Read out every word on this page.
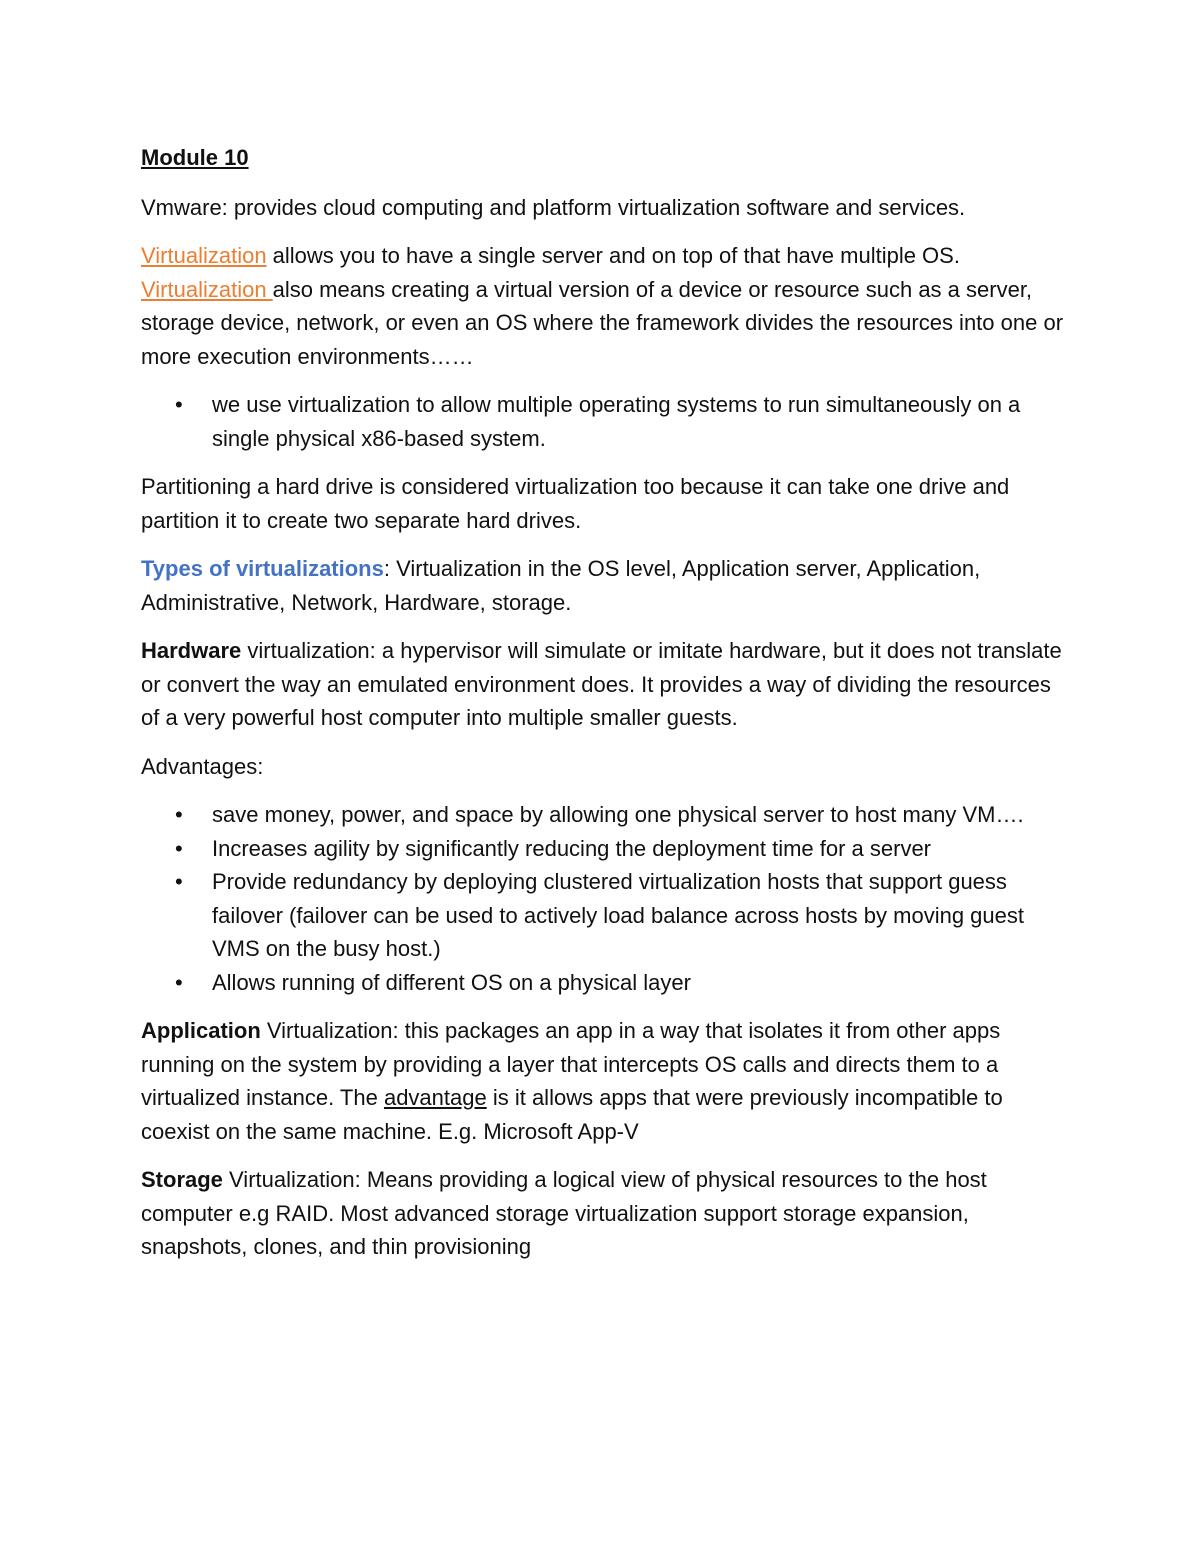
Module 10

Vmware: provides cloud computing and platform virtualization software and services.

Virtualization allows you to have a single server and on top of that have multiple OS. Virtualization also means creating a virtual version of a device or resource such as a server, storage device, network, or even an OS where the framework divides the resources into one or more execution environments……

• we use virtualization to allow multiple operating systems to run simultaneously on a single physical x86-based system.

Partitioning a hard drive is considered virtualization too because it can take one drive and partition it to create two separate hard drives.

Types of virtualizations: Virtualization in the OS level, Application server, Application, Administrative, Network, Hardware, storage.

Hardware virtualization: a hypervisor will simulate or imitate hardware, but it does not translate or convert the way an emulated environment does. It provides a way of dividing the resources of a very powerful host computer into multiple smaller guests.

Advantages:

• save money, power, and space by allowing one physical server to host many VM….
• Increases agility by significantly reducing the deployment time for a server
• Provide redundancy by deploying clustered virtualization hosts that support guess failover (failover can be used to actively load balance across hosts by moving guest VMS on the busy host.)
• Allows running of different OS on a physical layer

Application Virtualization: this packages an app in a way that isolates it from other apps running on the system by providing a layer that intercepts OS calls and directs them to a virtualized instance. The advantage is it allows apps that were previously incompatible to coexist on the same machine. E.g. Microsoft App-V

Storage Virtualization: Means providing a logical view of physical resources to the host computer e.g RAID. Most advanced storage virtualization support storage expansion, snapshots, clones, and thin provisioning
